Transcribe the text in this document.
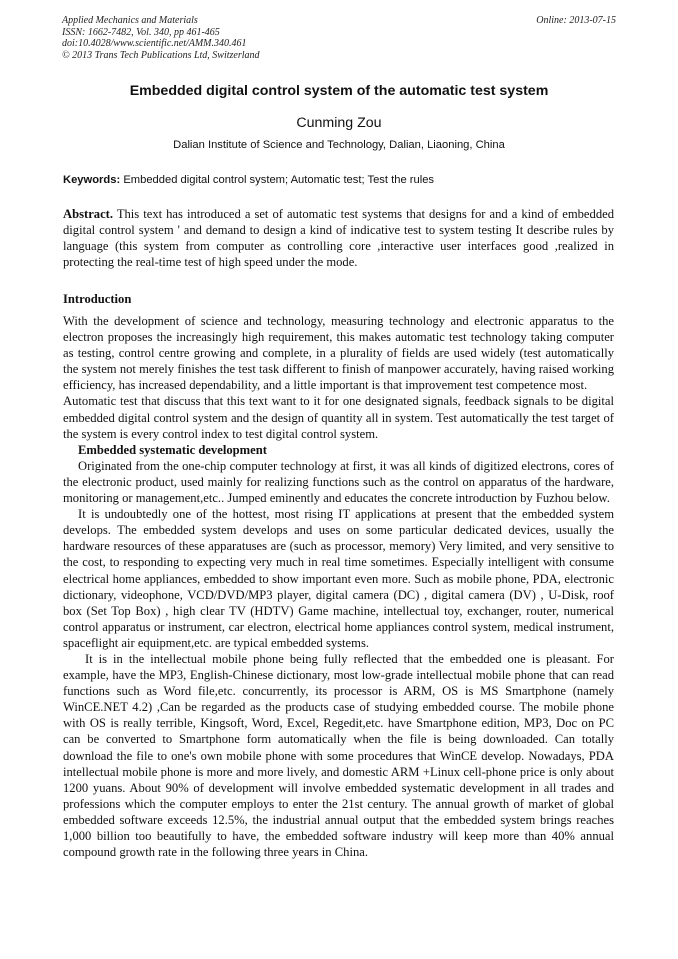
Applied Mechanics and Materials
ISSN: 1662-7482, Vol. 340, pp 461-465
doi:10.4028/www.scientific.net/AMM.340.461
© 2013 Trans Tech Publications Ltd, Switzerland
Online: 2013-07-15
Embedded digital control system of the automatic test system
Cunming Zou
Dalian Institute of Science and Technology, Dalian, Liaoning, China
Keywords: Embedded digital control system; Automatic test; Test the rules
Abstract. This text has introduced a set of automatic test systems that designs for and a kind of embedded digital control system ' and demand to design a kind of indicative test to system testing It describe rules by language (this system from computer as controlling core ,interactive user interfaces good ,realized in protecting the real-time test of high speed under the mode.
Introduction

With the development of science and technology, measuring technology and electronic apparatus to the electron proposes the increasingly high requirement, this makes automatic test technology taking computer as testing, control centre growing and complete, in a plurality of fields are used widely (test automatically the system not merely finishes the test task different to finish of manpower accurately, having raised working efficiency, has increased dependability, and a little important is that improvement test competence most.

Automatic test that discuss that this text want to it for one designated signals, feedback signals to be digital embedded digital control system and the design of quantity all in system. Test automatically the test target of the system is every control index to test digital control system.

Embedded systematic development

Originated from the one-chip computer technology at first, it was all kinds of digitized electrons, cores of the electronic product, used mainly for realizing functions such as the control on apparatus of the hardware, monitoring or management,etc.. Jumped eminently and educates the concrete introduction by Fuzhou below.

It is undoubtedly one of the hottest, most rising IT applications at present that the embedded system develops. The embedded system develops and uses on some particular dedicated devices, usually the hardware resources of these apparatuses are (such as processor, memory) Very limited, and very sensitive to the cost, to responding to expecting very much in real time sometimes. Especially intelligent with consume electrical home appliances, embedded to show important even more. Such as mobile phone, PDA, electronic dictionary, videophone, VCD/DVD/MP3 player, digital camera (DC) , digital camera (DV) , U-Disk, roof box (Set Top Box) , high clear TV (HDTV) Game machine, intellectual toy, exchanger, router, numerical control apparatus or instrument, car electron, electrical home appliances control system, medical instrument, spaceflight air equipment,etc. are typical embedded systems.

It is in the intellectual mobile phone being fully reflected that the embedded one is pleasant. For example, have the MP3, English-Chinese dictionary, most low-grade intellectual mobile phone that can read functions such as Word file,etc. concurrently, its processor is ARM, OS is MS Smartphone (namely WinCE.NET 4.2) ,Can be regarded as the products case of studying embedded course. The mobile phone with OS is really terrible, Kingsoft, Word, Excel, Regedit,etc. have Smartphone edition, MP3, Doc on PC can be converted to Smartphone form automatically when the file is being downloaded. Can totally download the file to one's own mobile phone with some procedures that WinCE develop. Nowadays, PDA intellectual mobile phone is more and more lively, and domestic ARM +Linux cell-phone price is only about 1200 yuans. About 90% of development will involve embedded systematic development in all trades and professions which the computer employs to enter the 21st century. The annual growth of market of global embedded software exceeds 12.5%, the industrial annual output that the embedded system brings reaches 1,000 billion too beautifully to have, the embedded software industry will keep more than 40% annual compound growth rate in the following three years in China.
